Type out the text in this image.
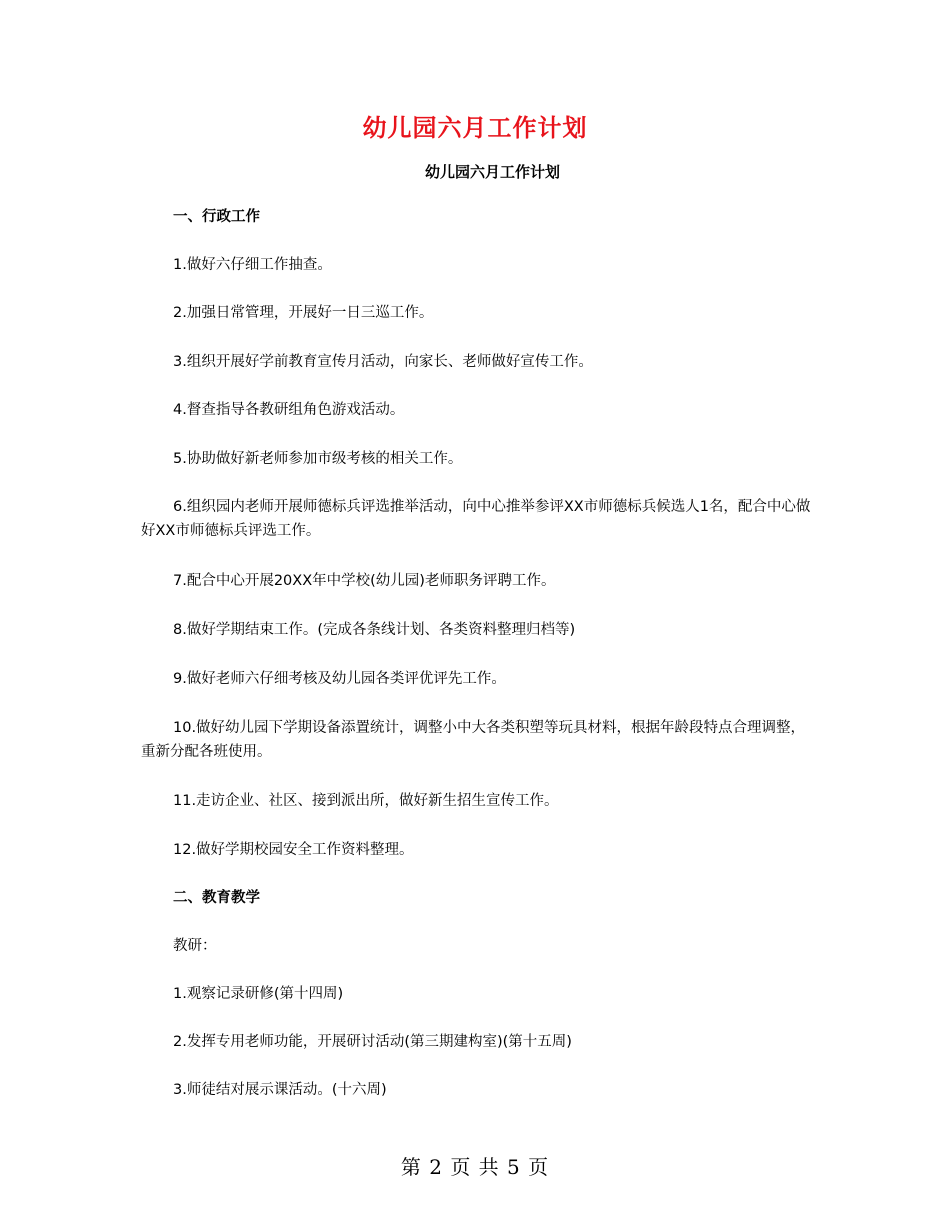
幼儿园六月工作计划
幼儿园六月工作计划
一、行政工作
1.做好六仔细工作抽查。
2.加强日常管理，开展好一日三巡工作。
3.组织开展好学前教育宣传月活动，向家长、老师做好宣传工作。
4.督查指导各教研组角色游戏活动。
5.协助做好新老师参加市级考核的相关工作。
6.组织园内老师开展师德标兵评选推举活动，向中心推举参评XX市师德标兵候选人1名，配合中心做好XX市师德标兵评选工作。
7.配合中心开展20XX年中学校(幼儿园)老师职务评聘工作。
8.做好学期结束工作。(完成各条线计划、各类资料整理归档等)
9.做好老师六仔细考核及幼儿园各类评优评先工作。
10.做好幼儿园下学期设备添置统计，调整小中大各类积塑等玩具材料，根据年龄段特点合理调整，重新分配各班使用。
11.走访企业、社区、接到派出所，做好新生招生宣传工作。
12.做好学期校园安全工作资料整理。
二、教育教学
教研：
1.观察记录研修(第十四周)
2.发挥专用老师功能，开展研讨活动(第三期建构室)(第十五周)
3.师徒结对展示课活动。(十六周)
第 2 页 共 5 页
